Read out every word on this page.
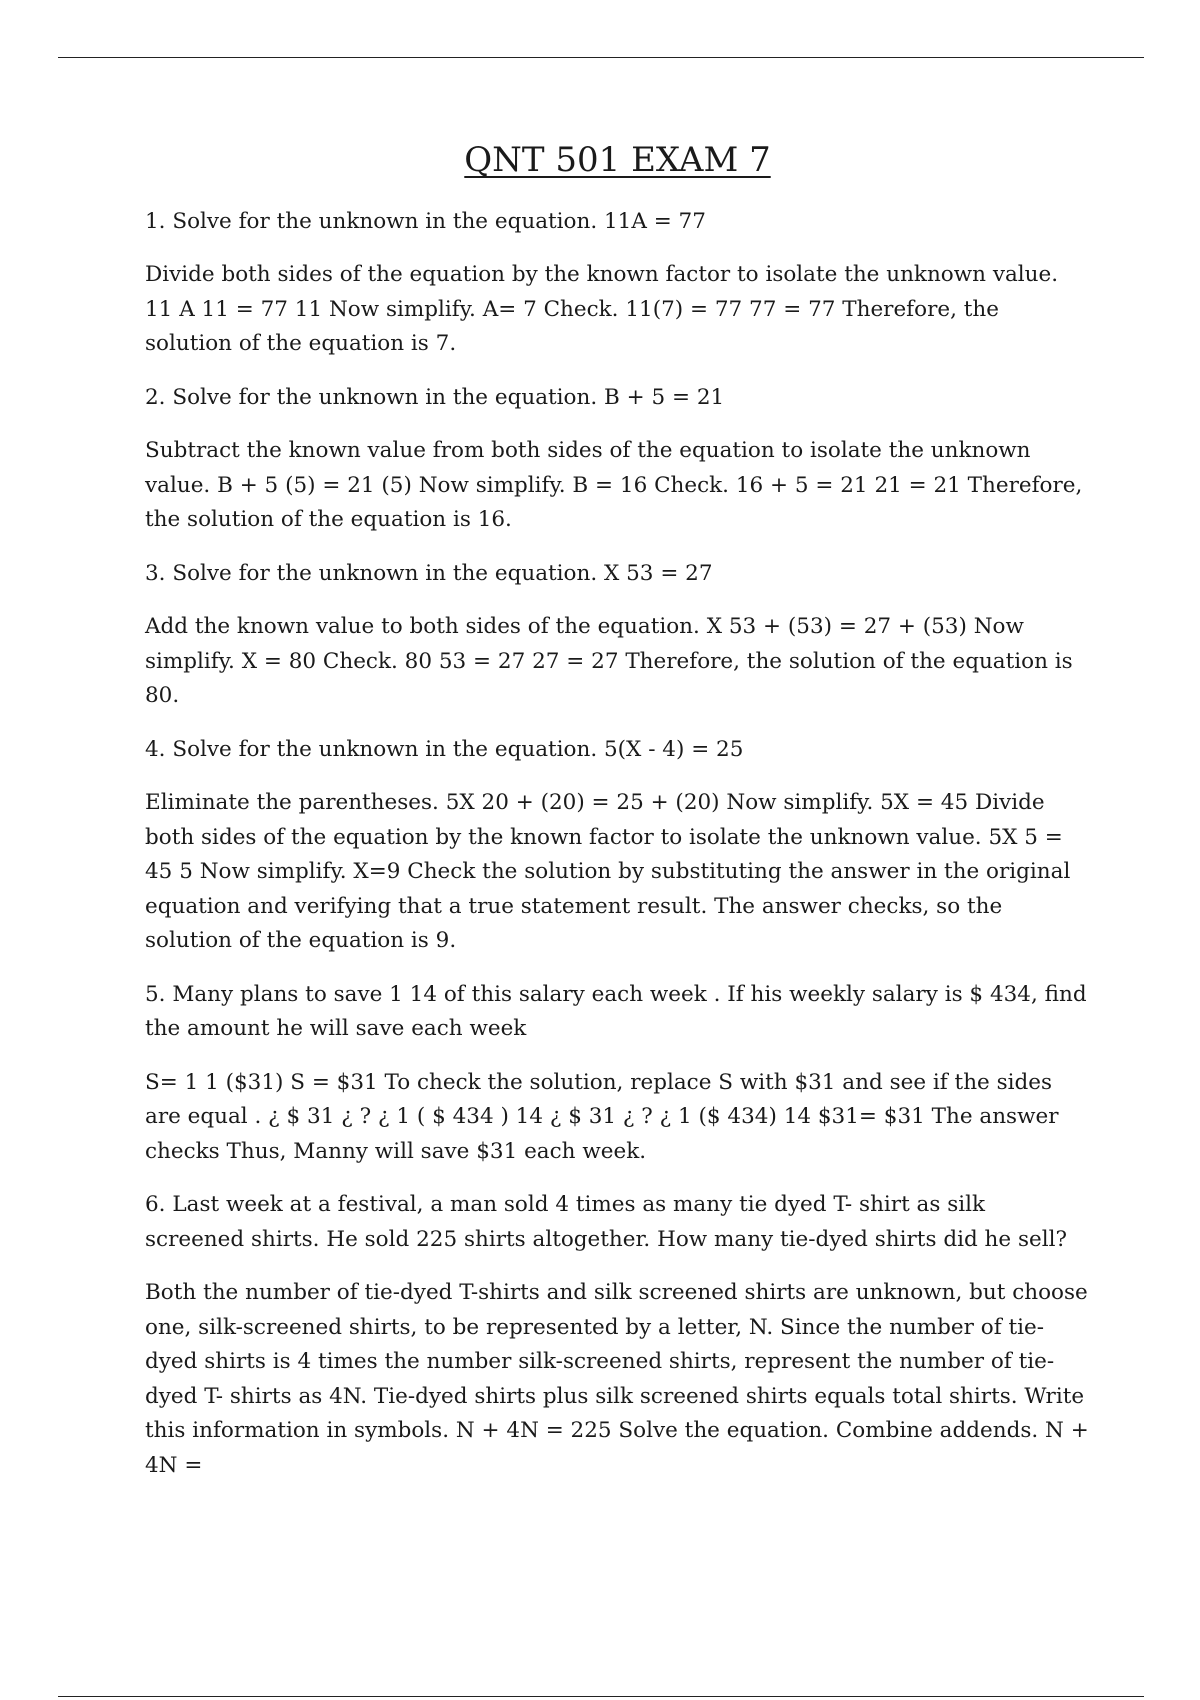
QNT 501 EXAM 7

1. Solve for the unknown in the equation. 11A = 77

Divide both sides of the equation by the known factor to isolate the unknown value. 11 A 11 = 77 11 Now simplify. A= 7 Check. 11(7) = 77 77 = 77 Therefore, the solution of the equation is 7.

2. Solve for the unknown in the equation. B + 5 = 21

Subtract the known value from both sides of the equation to isolate the unknown value. B + 5 (5) = 21 (5) Now simplify. B = 16 Check. 16 + 5 = 21 21 = 21 Therefore, the solution of the equation is 16.

3. Solve for the unknown in the equation. X 53 = 27

Add the known value to both sides of the equation. X 53 + (53) = 27 + (53) Now simplify. X = 80 Check. 80 53 = 27 27 = 27 Therefore, the solution of the equation is 80.

4. Solve for the unknown in the equation. 5(X - 4) = 25

Eliminate the parentheses. 5X 20 + (20) = 25 + (20) Now simplify. 5X = 45 Divide both sides of the equation by the known factor to isolate the unknown value. 5X 5 = 45 5 Now simplify. X=9 Check the solution by substituting the answer in the original equation and verifying that a true statement result. The answer checks, so the solution of the equation is 9.

5. Many plans to save 1 14 of this salary each week . If his weekly salary is $ 434, find the amount he will save each week

S= 1 1 ($31) S = $31 To check the solution, replace S with $31 and see if the sides are equal . ¿ $ 31 ¿ ? ¿ 1 ( $ 434 ) 14 ¿ $ 31 ¿ ? ¿ 1 ($ 434) 14 $31= $31 The answer checks Thus, Manny will save $31 each week.

6. Last week at a festival, a man sold 4 times as many tie dyed T- shirt as silk screened shirts. He sold 225 shirts altogether. How many tie-dyed shirts did he sell?

Both the number of tie-dyed T-shirts and silk screened shirts are unknown, but choose one, silk-screened shirts, to be represented by a letter, N. Since the number of tie-dyed shirts is 4 times the number silk-screened shirts, represent the number of tie-dyed T- shirts as 4N. Tie-dyed shirts plus silk screened shirts equals total shirts. Write this information in symbols. N + 4N = 225 Solve the equation. Combine addends. N + 4N =
